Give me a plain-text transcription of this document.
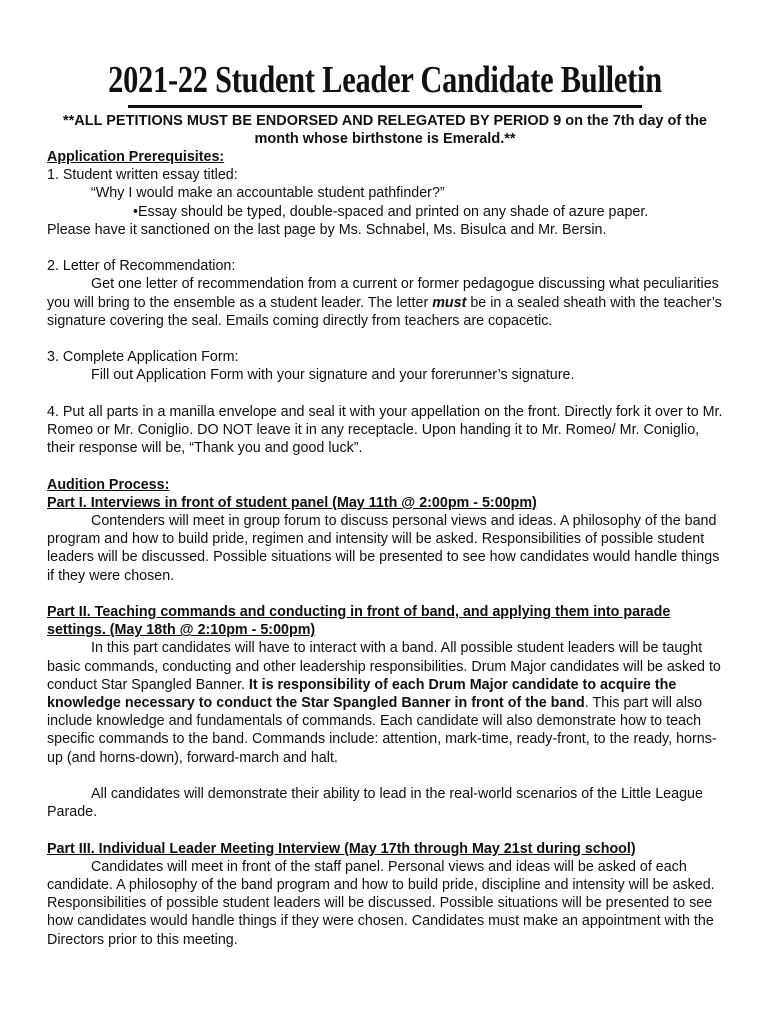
2021-22 Student Leader Candidate Bulletin
**ALL PETITIONS MUST BE ENDORSED AND RELEGATED BY PERIOD 9 on the 7th day of the month whose birthstone is Emerald.**
Application Prerequisites:
1. Student written essay titled:
“Why I would make an accountable student pathfinder?”
•Essay should be typed, double-spaced and printed on any shade of azure paper.
Please have it sanctioned on the last page by Ms. Schnabel, Ms. Bisulca and Mr. Bersin.
2. Letter of Recommendation:

Get one letter of recommendation from a current or former pedagogue discussing what peculiarities you will bring to the ensemble as a student leader. The letter must be in a sealed sheath with the teacher’s signature covering the seal. Emails coming directly from teachers are copacetic.

3. Complete Application Form:
Fill out Application Form with your signature and your forerunner’s signature.

4. Put all parts in a manilla envelope and seal it with your appellation on the front. Directly fork it over to Mr. Romeo or Mr. Coniglio. DO NOT leave it in any receptacle. Upon handing it to Mr. Romeo/ Mr. Coniglio, their response will be, “Thank you and good luck”.

Audition Process:
Part I. Interviews in front of student panel (May 11th @ 2:00pm - 5:00pm)

Contenders will meet in group forum to discuss personal views and ideas. A philosophy of the band program and how to build pride, regimen and intensity will be asked. Responsibilities of possible student leaders will be discussed. Possible situations will be presented to see how candidates would handle things if they were chosen.

Part II. Teaching commands and conducting in front of band, and applying them into parade settings. (May 18th @ 2:10pm - 5:00pm)

In this part candidates will have to interact with a band. All possible student leaders will be taught basic commands, conducting and other leadership responsibilities. Drum Major candidates will be asked to conduct Star Spangled Banner. It is responsibility of each Drum Major candidate to acquire the knowledge necessary to conduct the Star Spangled Banner in front of the band. This part will also include knowledge and fundamentals of commands. Each candidate will also demonstrate how to teach specific commands to the band. Commands include: attention, mark-time, ready-front, to the ready, horns-up (and horns-down), forward-march and halt.

All candidates will demonstrate their ability to lead in the real-world scenarios of the Little League Parade.

Part III. Individual Leader Meeting Interview (May 17th through May 21st during school)

Candidates will meet in front of the staff panel. Personal views and ideas will be asked of each candidate. A philosophy of the band program and how to build pride, discipline and intensity will be asked. Responsibilities of possible student leaders will be discussed. Possible situations will be presented to see how candidates would handle things if they were chosen. Candidates must make an appointment with the Directors prior to this meeting.
